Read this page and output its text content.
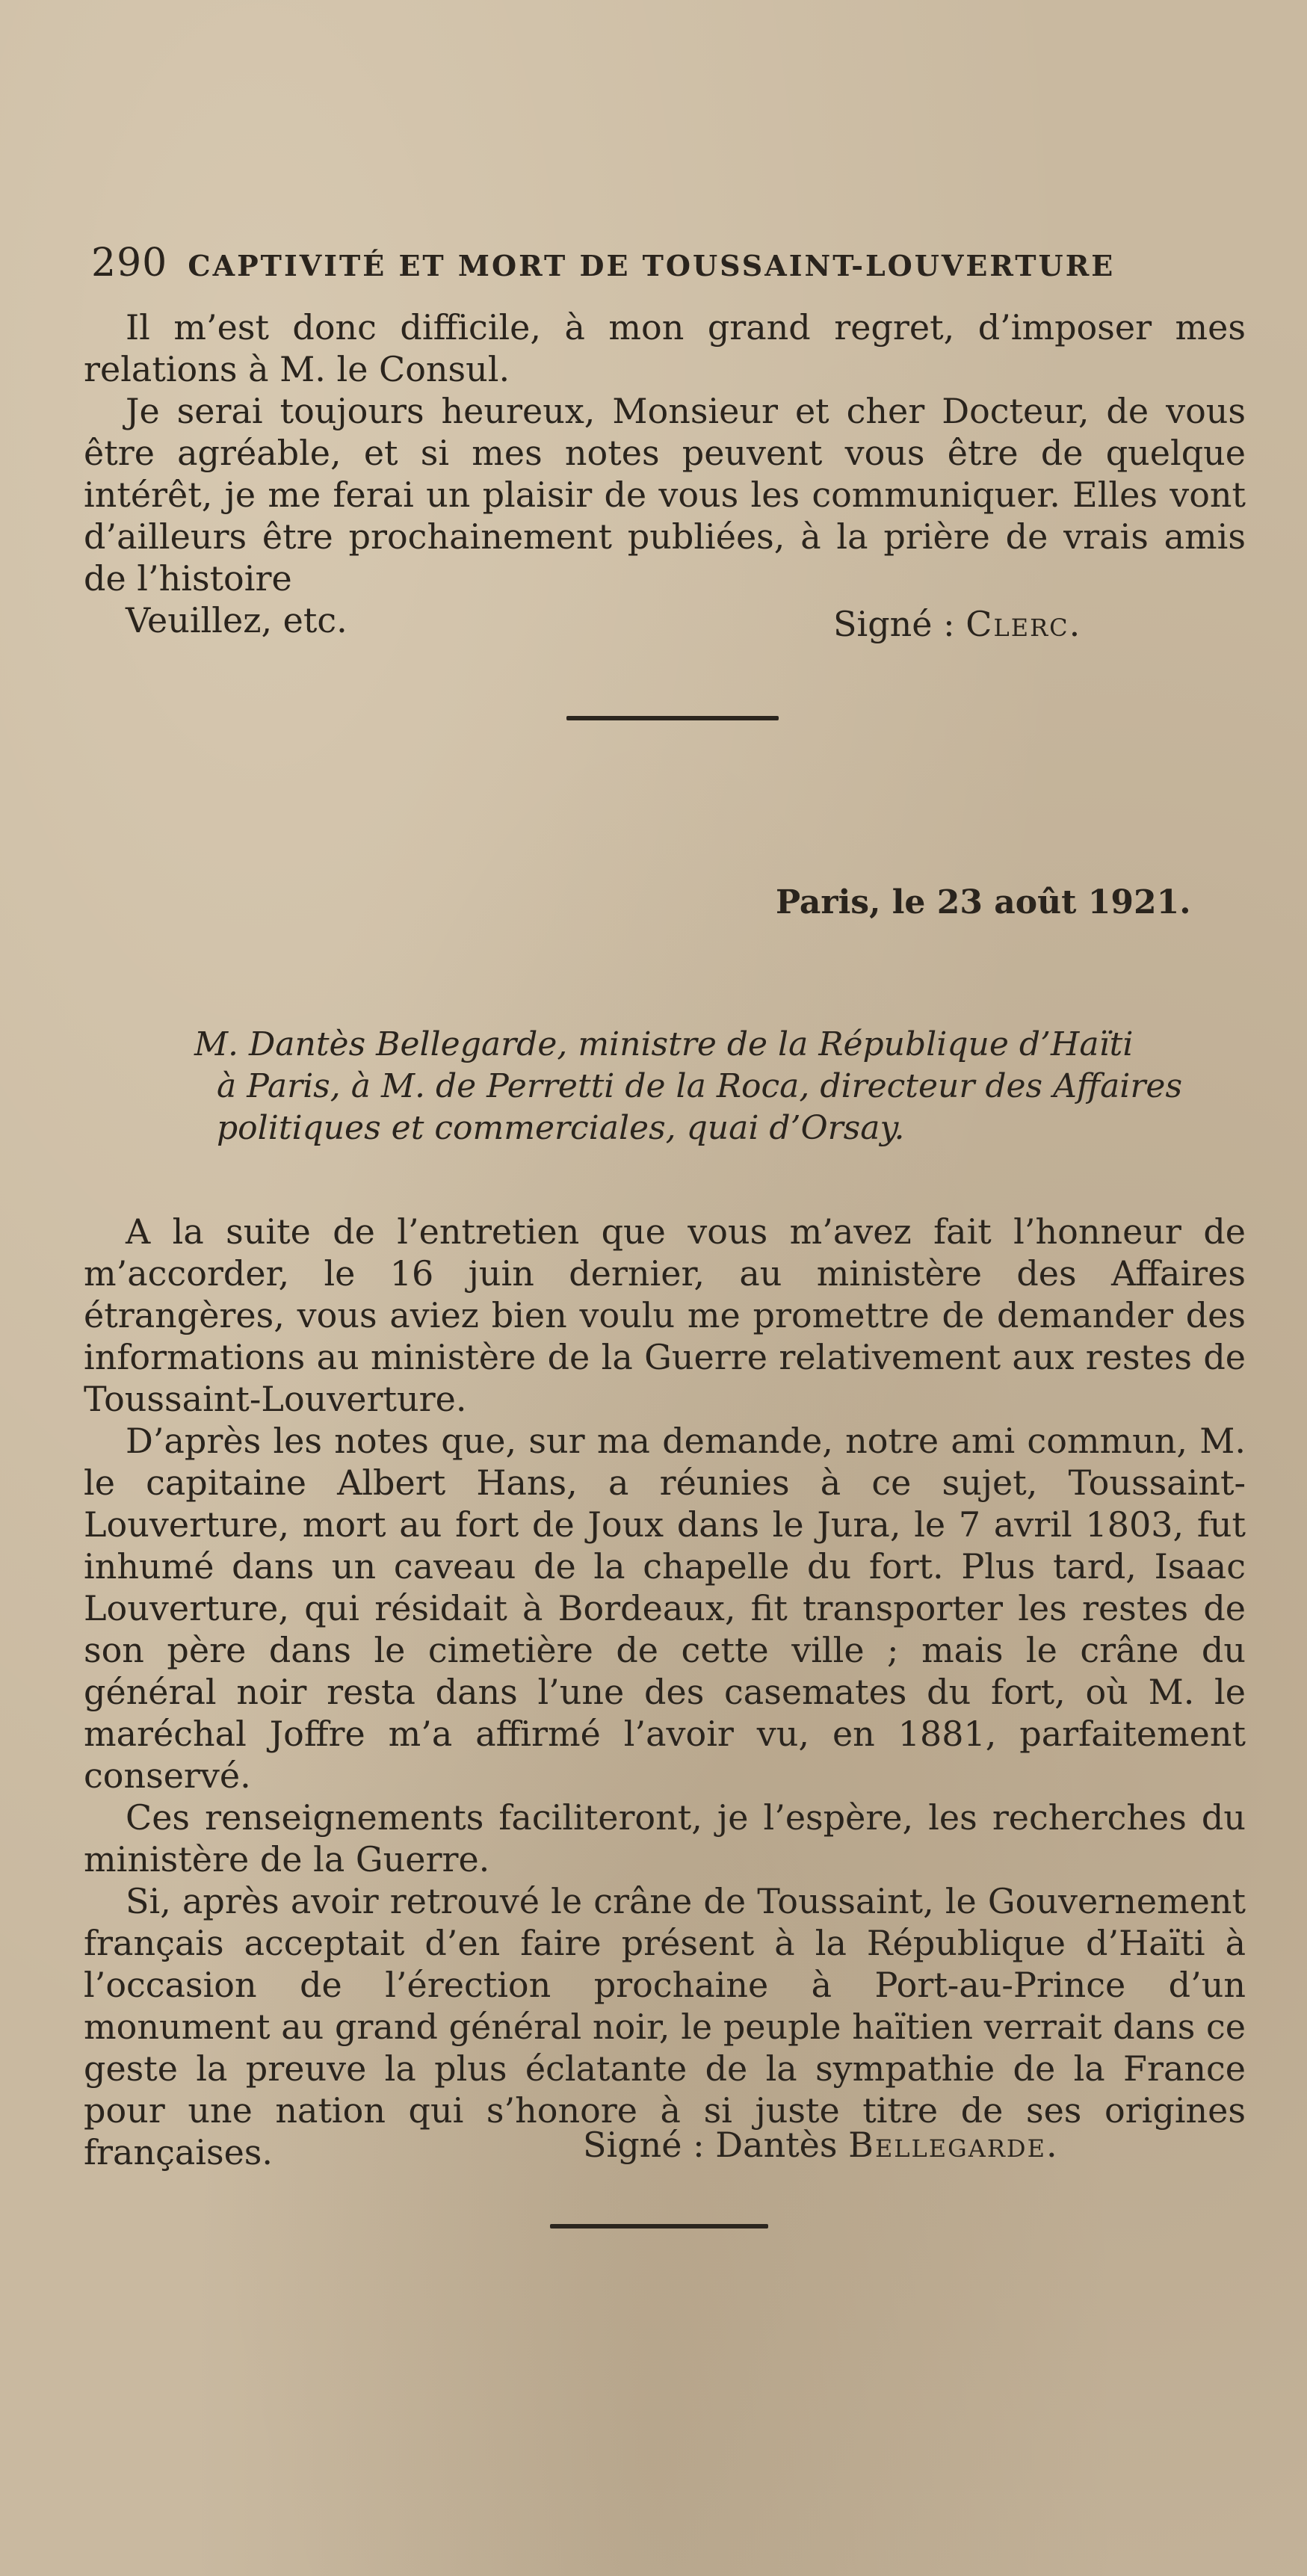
290 CAPTIVITÉ ET MORT DE TOUSSAINT-LOUVERTURE

Il m’est donc difficile, à mon grand regret, d’imposer mes relations à M. le Consul.

Je serai toujours heureux, Monsieur et cher Docteur, de vous être agréable, et si mes notes peuvent vous être de quelque intérêt, je me ferai un plaisir de vous les communiquer. Elles vont d’ailleurs être prochainement publiées, à la prière de vrais amis de l’histoire

Veuillez, etc.	Signé : Clerc.
Paris, le 23 août 1921.
M. Dantès Bellegarde, ministre de la République d’Haïti
à Paris, à M. de Perretti de la Roca, directeur des Affaires
politiques et commerciales, quai d’Orsay.

A la suite de l’entretien que vous m’avez fait l’honneur de m’accorder, le 16 juin dernier, au ministère des Affaires étrangères, vous aviez bien voulu me promettre de demander des informations au ministère de la Guerre relativement aux restes de Toussaint-Louverture.

D’après les notes que, sur ma demande, notre ami commun, M. le capitaine Albert Hans, a réunies à ce sujet, Toussaint-Louverture, mort au fort de Joux dans le Jura, le 7 avril 1803, fut inhumé dans un caveau de la chapelle du fort. Plus tard, Isaac Louverture, qui résidait à Bordeaux, fit transporter les restes de son père dans le cimetière de cette ville ; mais le crâne du général noir resta dans l’une des casemates du fort, où M. le maréchal Joffre m’a affirmé l’avoir vu, en 1881, parfaitement conservé.

Ces renseignements faciliteront, je l’espère, les recherches du ministère de la Guerre.

Si, après avoir retrouvé le crâne de Toussaint, le Gouvernement français acceptait d’en faire présent à la République d’Haïti à l’occasion de l’érection prochaine à Port-au-Prince d’un monument au grand général noir, le peuple haïtien verrait dans ce geste la preuve la plus éclatante de la sympathie de la France pour une nation qui s’honore à si juste titre de ses origines françaises.	Signé : Dantès Bellegarde.
